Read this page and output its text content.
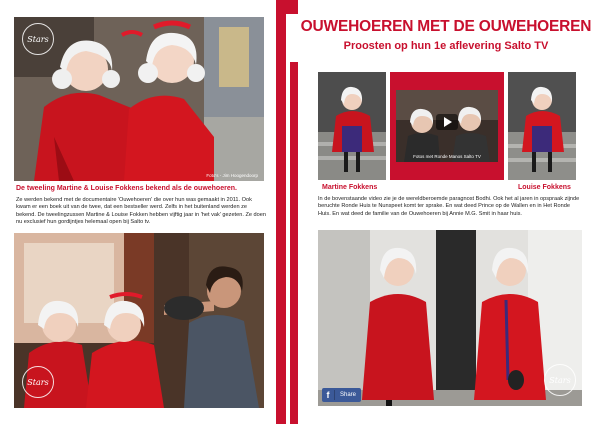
Stars
Foto's - Jim Hoogendoorp
De tweeling Martine & Louise Fokkens bekend als de ouwehoeren.
Ze werden bekend met de documentaire 'Ouwehoeren' die over hun was gemaakt in 2011. Ook kwam er een boek uit van de twee, dat een bestseller werd. Zelfs in het buitenland werden ze bekend. De tweelingzussen Martine & Louise Fokken hebben vijftig jaar in 'het vak' gezeten. Ze doen nu exclusief hun gordijntjes helemaal open bij Salto tv.
Stars
OUWEHOEREN MET DE OUWEHOEREN
Proosten op hun 1e aflevering Salto TV
Fotos met Ronde Manos Salto TV
Martine Fokkens	Louise Fokkens
In de bovenstaande video zie je de wereldberoemde paragnost Bodhi. Ook het al jaren in opspraak zijnde beruchte Ronde Huis te Nunspeet komt ter sprake. En wat deed Prince op de Wallen en in Het Ronde Huis. En wat deed de familie van de Ouwehoeren bij Annie M.G. Smit in haar huis.
Stars
f	Share
